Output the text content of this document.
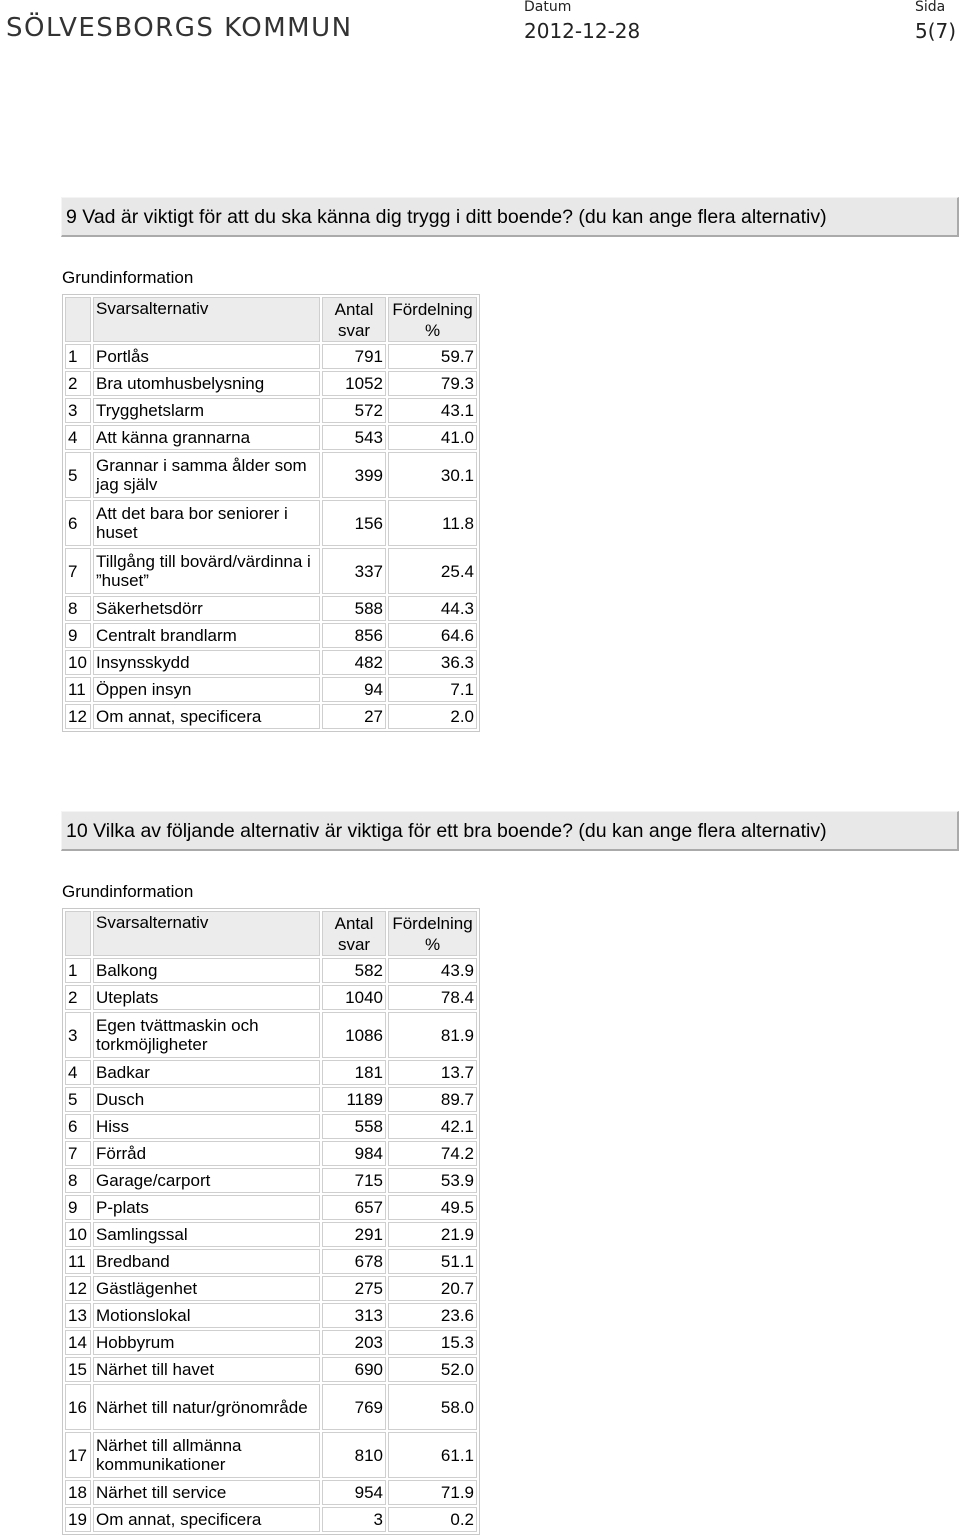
SÖLVESBORGS KOMMUN
Datum
2012-12-28
Sida
5(7)
9 Vad är viktigt för att du ska känna dig trygg i ditt boende? (du kan ange flera alternativ)
Grundinformation
	Svarsalternativ	Antal svar	Fördelning %
1	Portlås	791	59.7
2	Bra utomhusbelysning	1052	79.3
3	Trygghetslarm	572	43.1
4	Att känna grannarna	543	41.0
5	Grannar i samma ålder som jag själv	399	30.1
6	Att det bara bor seniorer i huset	156	11.8
7	Tillgång till bovärd/värdinna i ”huset”	337	25.4
8	Säkerhetsdörr	588	44.3
9	Centralt brandlarm	856	64.6
10	Insynsskydd	482	36.3
11	Öppen insyn	94	7.1
12	Om annat, specificera	27	2.0
10 Vilka av följande alternativ är viktiga för ett bra boende? (du kan ange flera alternativ)
Grundinformation
	Svarsalternativ	Antal svar	Fördelning %
1	Balkong	582	43.9
2	Uteplats	1040	78.4
3	Egen tvättmaskin och torkmöjligheter	1086	81.9
4	Badkar	181	13.7
5	Dusch	1189	89.7
6	Hiss	558	42.1
7	Förråd	984	74.2
8	Garage/carport	715	53.9
9	P-plats	657	49.5
10	Samlingssal	291	21.9
11	Bredband	678	51.1
12	Gästlägenhet	275	20.7
13	Motionslokal	313	23.6
14	Hobbyrum	203	15.3
15	Närhet till havet	690	52.0
16	Närhet till natur/grönområde	769	58.0
17	Närhet till allmänna kommunikationer	810	61.1
18	Närhet till service	954	71.9
19	Om annat, specificera	3	0.2
